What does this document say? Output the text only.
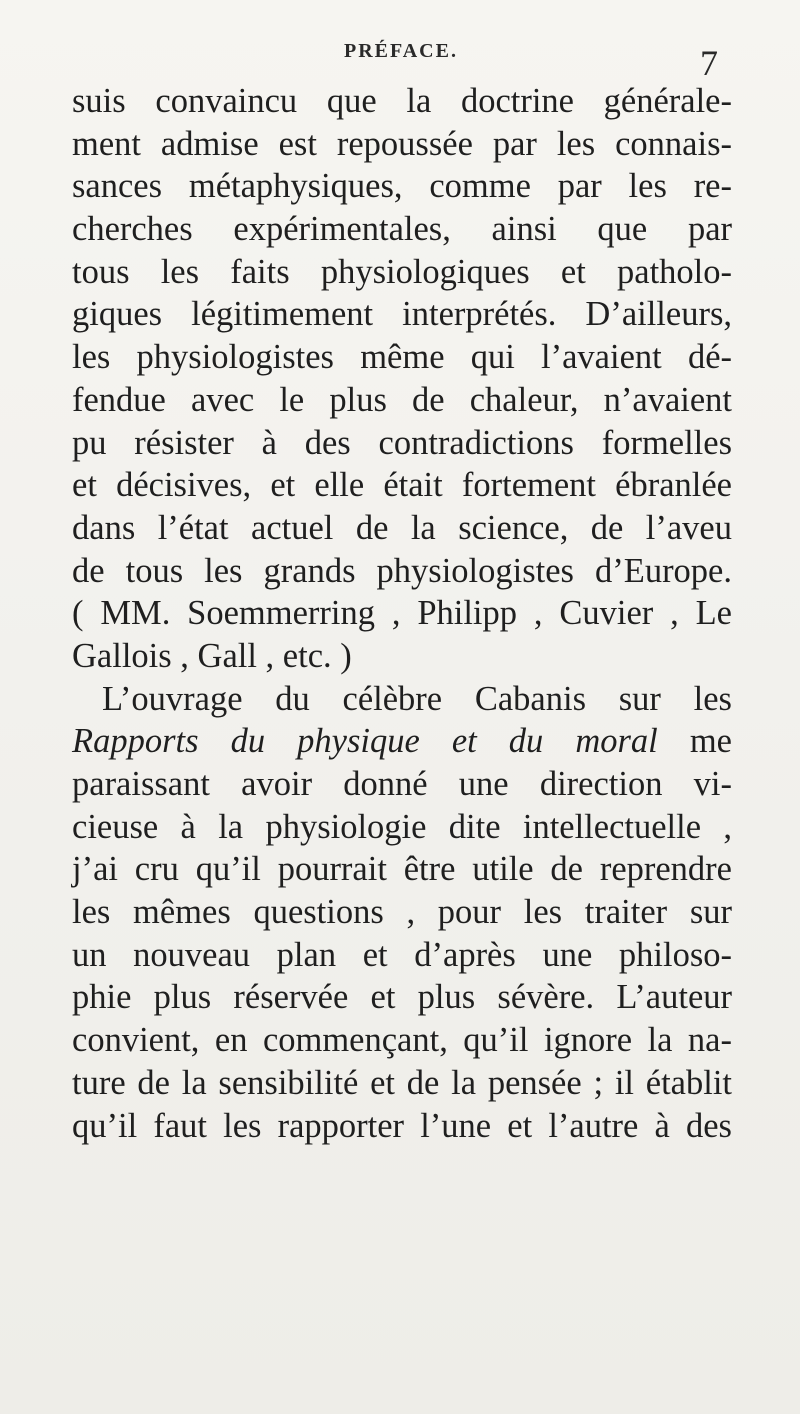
PRÉFACE.	7
suis convaincu que la doctrine générale-
ment admise est repoussée par les connais-
sances métaphysiques, comme par les re-
cherches expérimentales, ainsi que par
tous les faits physiologiques et patholo-
giques légitimement interprétés. D’ailleurs,
les physiologistes même qui l’avaient dé-
fendue avec le plus de chaleur, n’avaient
pu résister à des contradictions formelles
et décisives, et elle était fortement ébranlée
dans l’état actuel de la science, de l’aveu
de tous les grands physiologistes d’Europe.
( MM. Soemmerring , Philipp , Cuvier , Le
Gallois , Gall , etc. )
L’ouvrage du célèbre Cabanis sur les
Rapports du physique et du moral me
paraissant avoir donné une direction vi-
cieuse à la physiologie dite intellectuelle ,
j’ai cru qu’il pourrait être utile de reprendre
les mêmes questions , pour les traiter sur
un nouveau plan et d’après une philoso-
phie plus réservée et plus sévère. L’auteur
convient, en commençant, qu’il ignore la na-
ture de la sensibilité et de la pensée ; il établit
qu’il faut les rapporter l’une et l’autre à des
